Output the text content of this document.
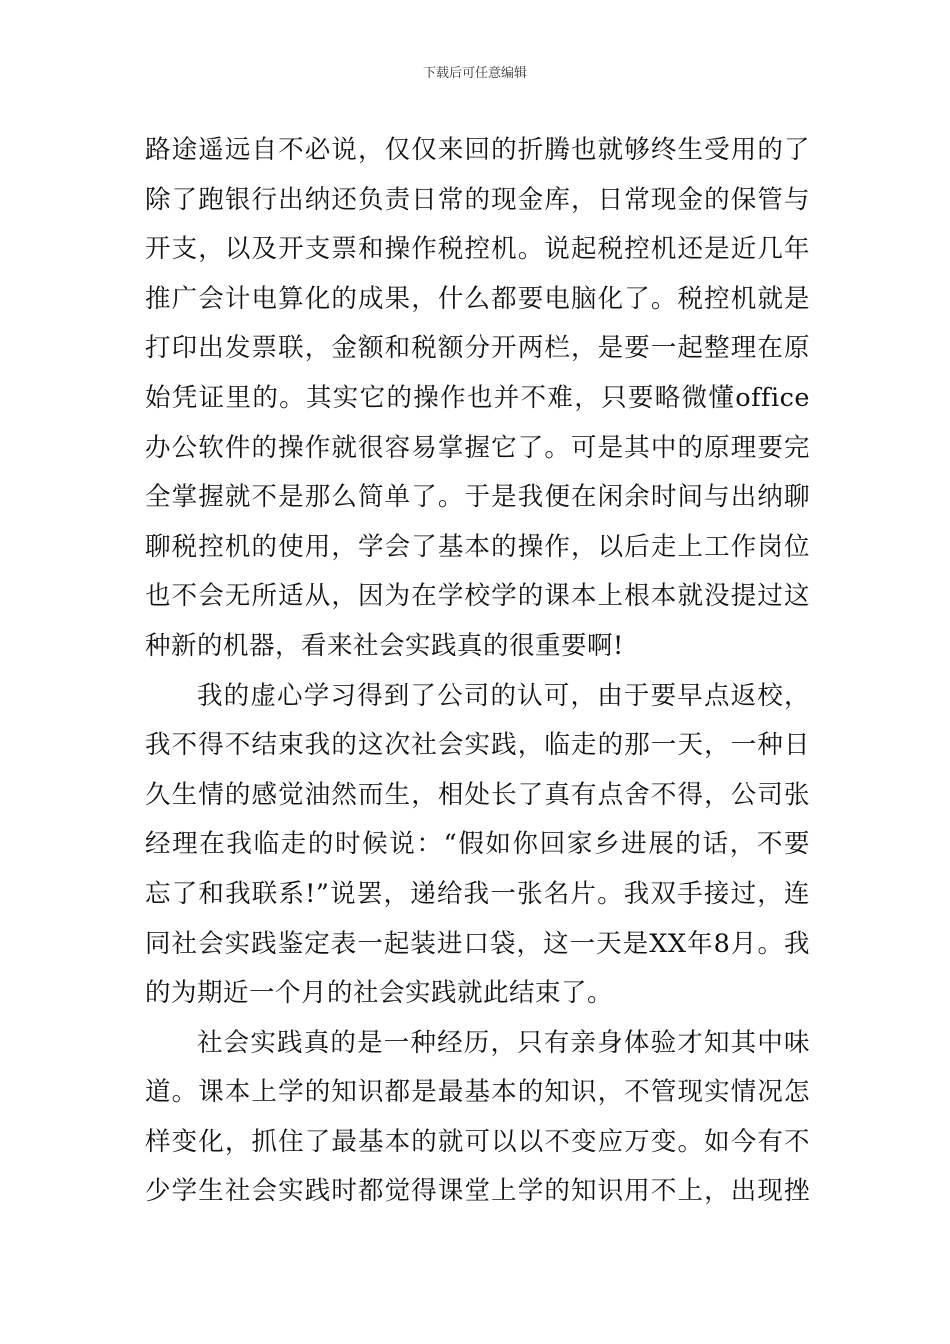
下载后可任意编辑
路途遥远自不必说，仅仅来回的折腾也就够终生受用的了
除了跑银行出纳还负责日常的现金库，日常现金的保管与
开支，以及开支票和操作税控机。说起税控机还是近几年
推广会计电算化的成果，什么都要电脑化了。税控机就是
打印出发票联，金额和税额分开两栏，是要一起整理在原
始凭证里的。其实它的操作也并不难，只要略微懂office
办公软件的操作就很容易掌握它了。可是其中的原理要完
全掌握就不是那么简单了。于是我便在闲余时间与出纳聊
聊税控机的使用，学会了基本的操作，以后走上工作岗位
也不会无所适从，因为在学校学的课本上根本就没提过这
种新的机器，看来社会实践真的很重要啊!
我的虚心学习得到了公司的认可，由于要早点返校，
我不得不结束我的这次社会实践，临走的那一天，一种日
久生情的感觉油然而生，相处长了真有点舍不得，公司张
经理在我临走的时候说：“假如你回家乡进展的话，不要
忘了和我联系!”说罢，递给我一张名片。我双手接过，连
同社会实践鉴定表一起装进口袋，这一天是XX年8月。我
的为期近一个月的社会实践就此结束了。
社会实践真的是一种经历，只有亲身体验才知其中味
道。课本上学的知识都是最基本的知识，不管现实情况怎
样变化，抓住了最基本的就可以以不变应万变。如今有不
少学生社会实践时都觉得课堂上学的知识用不上，出现挫
